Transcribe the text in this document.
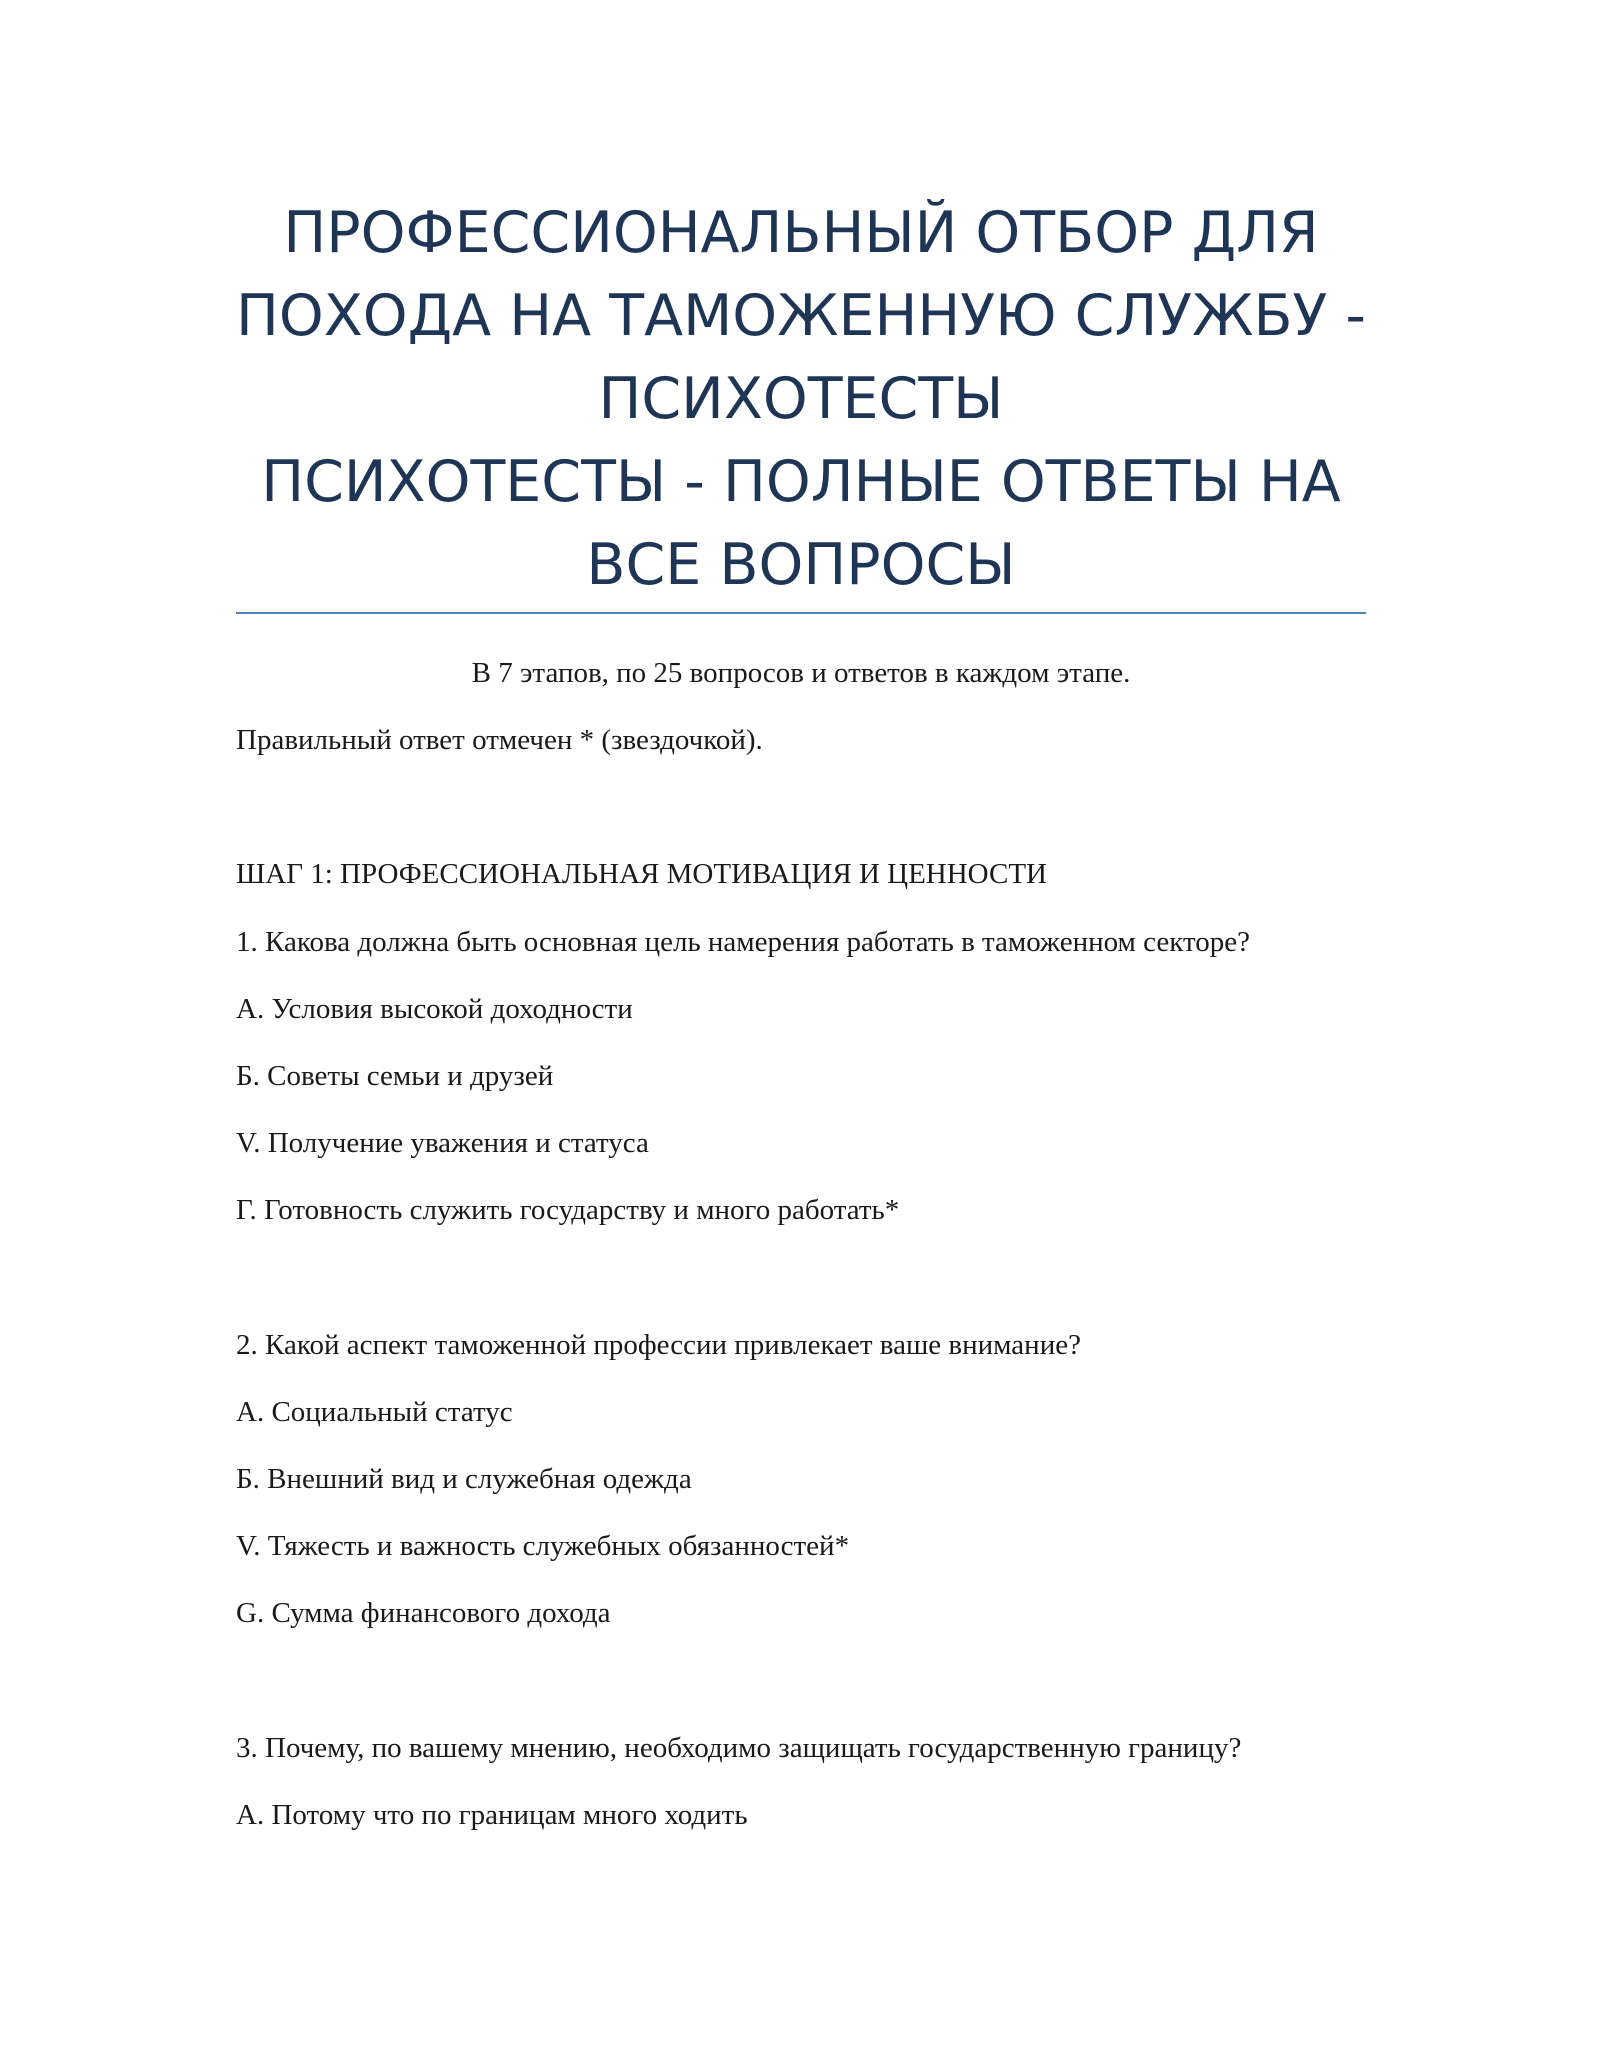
ПРОФЕССИОНАЛЬНЫЙ ОТБОР ДЛЯ
ПОХОДА НА ТАМОЖЕННУЮ СЛУЖБУ -
ПСИХОТЕСТЫ
ПСИХОТЕСТЫ - ПОЛНЫЕ ОТВЕТЫ НА
ВСЕ ВОПРОСЫ
В 7 этапов, по 25 вопросов и ответов в каждом этапе.
Правильный ответ отмечен * (звездочкой).
ШАГ 1: ПРОФЕССИОНАЛЬНАЯ МОТИВАЦИЯ И ЦЕННОСТИ
1. Какова должна быть основная цель намерения работать в таможенном секторе?
А. Условия высокой доходности
Б. Советы семьи и друзей
V. Получение уважения и статуса
Г. Готовность служить государству и много работать*
2. Какой аспект таможенной профессии привлекает ваше внимание?
А. Социальный статус
Б. Внешний вид и служебная одежда
V. Тяжесть и важность служебных обязанностей*
G. Сумма финансового дохода
3. Почему, по вашему мнению, необходимо защищать государственную границу?
А. Потому что по границам много ходить
